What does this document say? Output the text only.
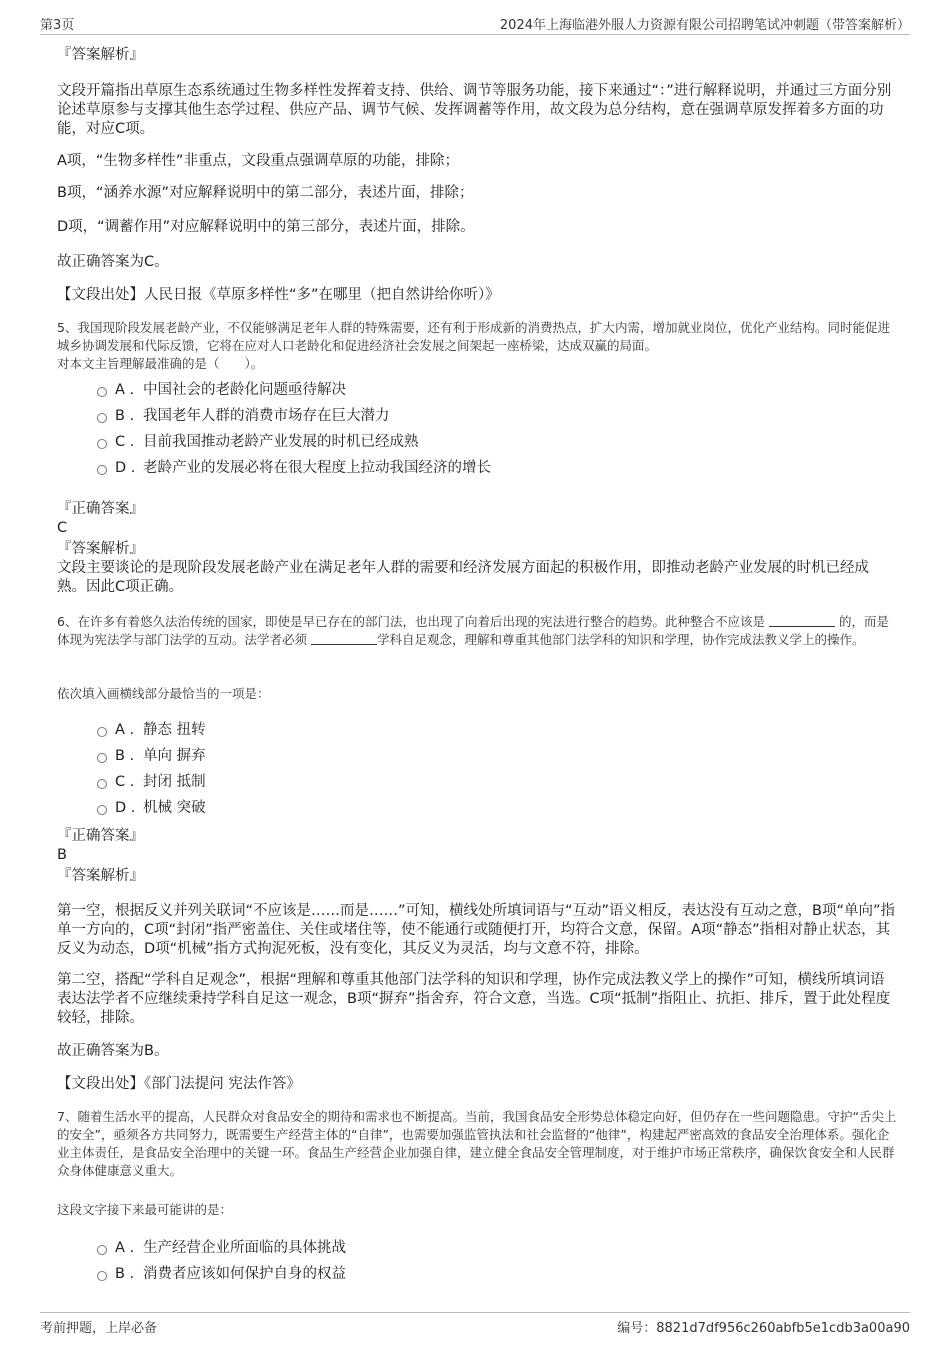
第3页	2024年上海临港外服人力资源有限公司招聘笔试冲刺题（带答案解析）

『答案解析』

文段开篇指出草原生态系统通过生物多样性发挥着支持、供给、调节等服务功能，接下来通过“：”进行解释说明，并通过三方面分别论述草原参与支撑其他生态学过程、供应产品、调节气候、发挥调蓄等作用，故文段为总分结构，意在强调草原发挥着多方面的功能，对应C项。

A项，“生物多样性”非重点，文段重点强调草原的功能，排除；

B项，“涵养水源”对应解释说明中的第二部分，表述片面，排除；

D项，“调蓄作用”对应解释说明中的第三部分，表述片面，排除。

故正确答案为C。

【文段出处】人民日报《草原多样性“多”在哪里（把自然讲给你听）》

5、我国现阶段发展老龄产业，不仅能够满足老年人群的特殊需要，还有利于形成新的消费热点，扩大内需，增加就业岗位，优化产业结构。同时能促进城乡协调发展和代际反馈，它将在应对人口老龄化和促进经济社会发展之间架起一座桥梁，达成双赢的局面。

对本文主旨理解最准确的是（　　）。

A . 中国社会的老龄化问题亟待解决
B . 我国老年人群的消费市场存在巨大潜力
C . 目前我国推动老龄产业发展的时机已经成熟
D . 老龄产业的发展必将在很大程度上拉动我国经济的增长

『正确答案』

C

『答案解析』

文段主要谈论的是现阶段发展老龄产业在满足老年人群的需要和经济发展方面起的积极作用，即推动老龄产业发展的时机已经成熟。因此C项正确。

6、在许多有着悠久法治传统的国家，即使是早已存在的部门法，也出现了向着后出现的宪法进行整合的趋势。此种整合不应该是	的，而是体现为宪法学与部门法学的互动。法学者必须	学科自足观念，理解和尊重其他部门法学科的知识和学理，协作完成法教义学上的操作。

依次填入画横线部分最恰当的一项是：

A . 静态 扭转
B . 单向 摒弃
C . 封闭 抵制
D . 机械 突破

『正确答案』

B

『答案解析』

第一空，根据反义并列关联词“不应该是……而是……”可知，横线处所填词语与“互动”语义相反，表达没有互动之意，B项“单向”指单一方向的，C项“封闭”指严密盖住、关住或堵住等，使不能通行或随便打开，均符合文意，保留。A项“静态”指相对静止状态，其反义为动态，D项“机械”指方式拘泥死板，没有变化，其反义为灵活，均与文意不符，排除。

第二空，搭配“学科自足观念”，根据“理解和尊重其他部门法学科的知识和学理，协作完成法教义学上的操作”可知，横线所填词语表达法学者不应继续秉持学科自足这一观念，B项“摒弃”指舍弃，符合文意，当选。C项“抵制”指阻止、抗拒、排斥，置于此处程度较轻，排除。

故正确答案为B。

【文段出处】《部门法提问 宪法作答》

7、随着生活水平的提高，人民群众对食品安全的期待和需求也不断提高。当前，我国食品安全形势总体稳定向好，但仍存在一些问题隐患。守护“舌尖上的安全”，亟须各方共同努力，既需要生产经营主体的“自律”，也需要加强监管执法和社会监督的“他律”，构建起严密高效的食品安全治理体系。强化企业主体责任，是食品安全治理中的关键一环。食品生产经营企业加强自律，建立健全食品安全管理制度，对于维护市场正常秩序，确保饮食安全和人民群众身体健康意义重大。

这段文字接下来最可能讲的是：

A . 生产经营企业所面临的具体挑战
B . 消费者应该如何保护自身的权益
考前押题，上岸必备	编号：8821d7df956c260abfb5e1cdb3a00a90
